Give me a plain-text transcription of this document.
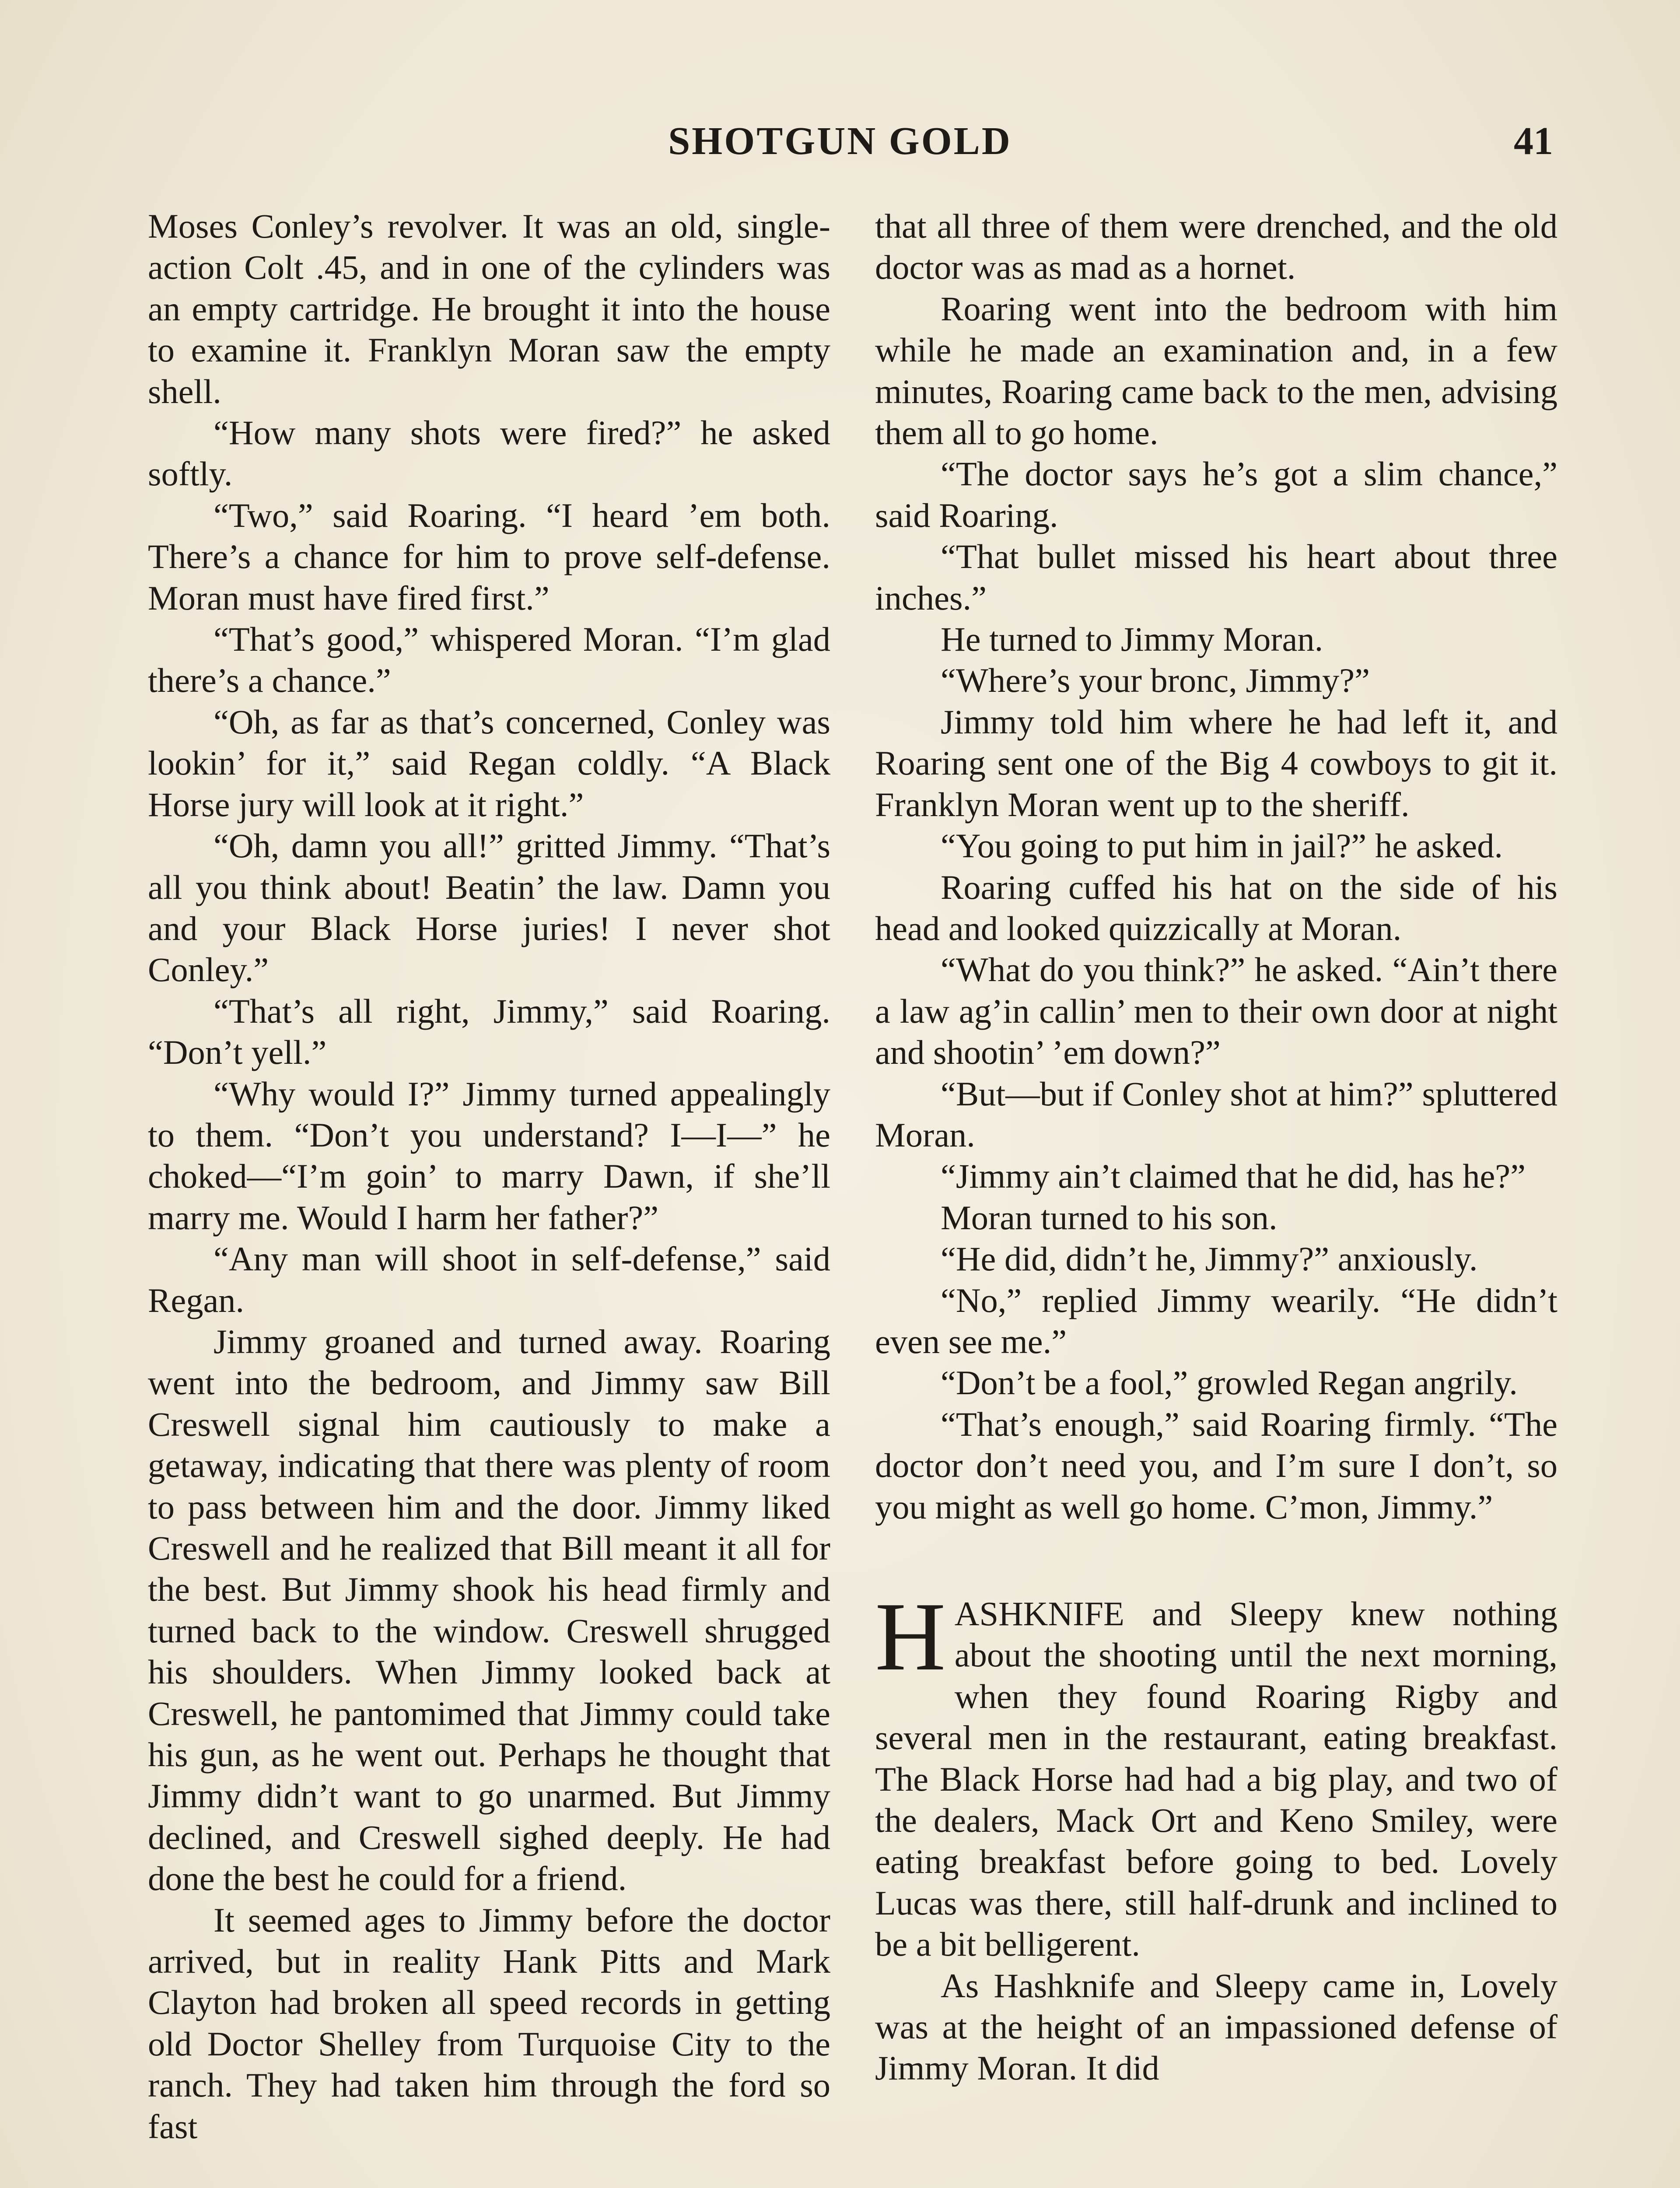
SHOTGUN GOLD	41

Moses Conley’s revolver. It was an old, single-action Colt .45, and in one of the cylinders was an empty cartridge. He brought it into the house to examine it. Franklyn Moran saw the empty shell.

“How many shots were fired?” he asked softly.

“Two,” said Roaring. “I heard ’em both. There’s a chance for him to prove self-defense. Moran must have fired first.”

“That’s good,” whispered Moran. “I’m glad there’s a chance.”

“Oh, as far as that’s concerned, Conley was lookin’ for it,” said Regan coldly. “A Black Horse jury will look at it right.”

“Oh, damn you all!” gritted Jimmy. “That’s all you think about! Beatin’ the law. Damn you and your Black Horse juries! I never shot Conley.”

“That’s all right, Jimmy,” said Roaring. “Don’t yell.”

“Why would I?” Jimmy turned appealingly to them. “Don’t you understand? I—I—” he choked—“I’m goin’ to marry Dawn, if she’ll marry me. Would I harm her father?”

“Any man will shoot in self-defense,” said Regan.

Jimmy groaned and turned away. Roaring went into the bedroom, and Jimmy saw Bill Creswell signal him cautiously to make a getaway, indicating that there was plenty of room to pass between him and the door. Jimmy liked Creswell and he realized that Bill meant it all for the best. But Jimmy shook his head firmly and turned back to the window. Creswell shrugged his shoulders. When Jimmy looked back at Creswell, he pantomimed that Jimmy could take his gun, as he went out. Perhaps he thought that Jimmy didn’t want to go unarmed. But Jimmy declined, and Creswell sighed deeply. He had done the best he could for a friend.

It seemed ages to Jimmy before the doctor arrived, but in reality Hank Pitts and Mark Clayton had broken all speed records in getting old Doctor Shelley from Turquoise City to the ranch. They had taken him through the ford so fast

that all three of them were drenched, and the old doctor was as mad as a hornet.

Roaring went into the bedroom with him while he made an examination and, in a few minutes, Roaring came back to the men, advising them all to go home.

“The doctor says he’s got a slim chance,” said Roaring.

“That bullet missed his heart about three inches.”

He turned to Jimmy Moran.

“Where’s your bronc, Jimmy?”

Jimmy told him where he had left it, and Roaring sent one of the Big 4 cowboys to git it. Franklyn Moran went up to the sheriff.

“You going to put him in jail?” he asked.

Roaring cuffed his hat on the side of his head and looked quizzically at Moran.

“What do you think?” he asked. “Ain’t there a law ag’in callin’ men to their own door at night and shootin’ ’em down?”

“But—but if Conley shot at him?” spluttered Moran.

“Jimmy ain’t claimed that he did, has he?”

Moran turned to his son.

“He did, didn’t he, Jimmy?” anxiously.

“No,” replied Jimmy wearily. “He didn’t even see me.”

“Don’t be a fool,” growled Regan angrily.

“That’s enough,” said Roaring firmly. “The doctor don’t need you, and I’m sure I don’t, so you might as well go home. C’mon, Jimmy.”

HASHKNIFE and Sleepy knew nothing about the shooting until the next morning, when they found Roaring Rigby and several men in the restaurant, eating breakfast. The Black Horse had had a big play, and two of the dealers, Mack Ort and Keno Smiley, were eating breakfast before going to bed. Lovely Lucas was there, still half-drunk and inclined to be a bit belligerent.

As Hashknife and Sleepy came in, Lovely was at the height of an impassioned defense of Jimmy Moran. It did
